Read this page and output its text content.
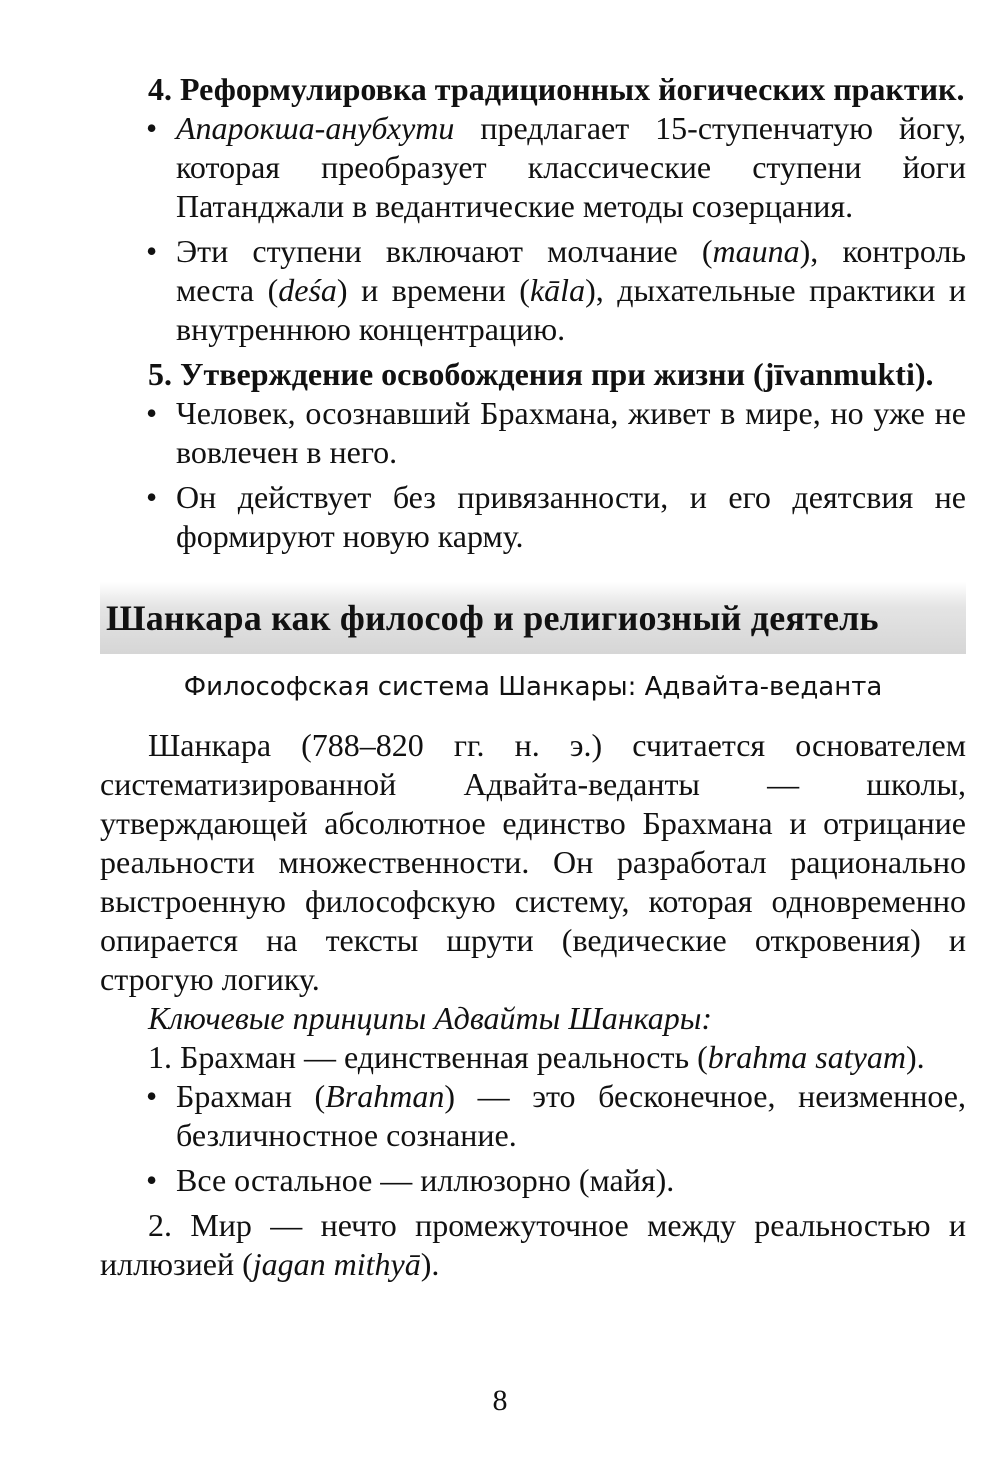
4. Реформулировка традиционных йогических практик.

• Апарокша-анубхути предлагает 15-ступенчатую йогу, которая преобразует классические ступени йоги Патанджали в ведантические методы созерцания.

• Эти ступени включают молчание (mauna), контроль места (deśa) и времени (kāla), дыхательные практики и внутреннюю концентрацию.

5. Утверждение освобождения при жизни (jīvanmukti).

• Человек, осознавший Брахмана, живет в мире, но уже не вовлечен в него.

• Он действует без привязанности, и его деятсвия не формируют новую карму.

Шанкара как философ и религиозный деятель
Философская система Шанкары: Адвайта-веданта

Шанкара (788–820 гг. н. э.) считается основателем систематизированной Адвайта-веданты — школы, утверждающей абсолютное единство Брахмана и отрицание реальности множественности. Он разработал рационально выстроенную философскую систему, которая одновременно опирается на тексты шрути (ведические откровения) и строгую логику.

Ключевые принципы Адвайты Шанкары:

1. Брахман — единственная реальность (brahma satyam).

• Брахман (Brahman) — это бесконечное, неизменное, безличностное сознание.

• Все остальное — иллюзорно (майя).

2. Мир — нечто промежуточное между реальностью и иллюзией (jagan mithyā).

8
